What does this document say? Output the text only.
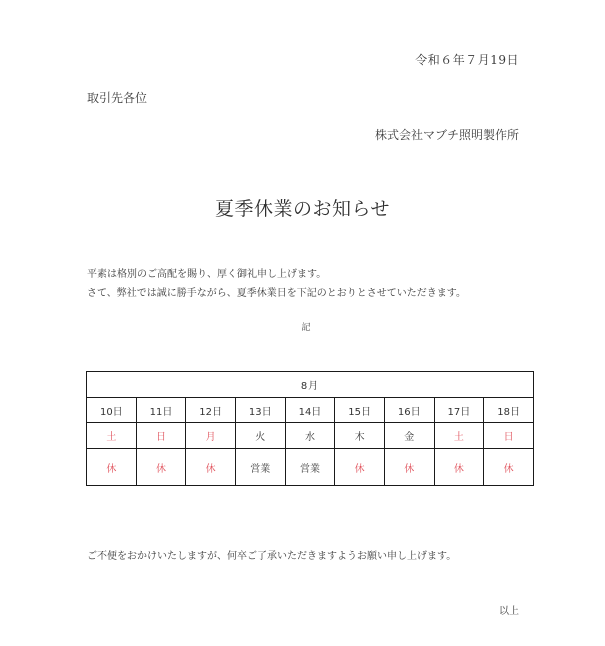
令和６年７月19日
取引先各位
株式会社マブチ照明製作所
夏季休業のお知らせ
平素は格別のご高配を賜り、厚く御礼申し上げます。
さて、弊社では誠に勝手ながら、夏季休業日を下記のとおりとさせていただきます。
記
8月								
10日	11日	12日	13日	14日	15日	16日	17日	18日
土	日	月	火	水	木	金	土	日
休	休	休	営業	営業	休	休	休	休
ご不便をおかけいたしますが、何卒ご了承いただきますようお願い申し上げます。
以上
